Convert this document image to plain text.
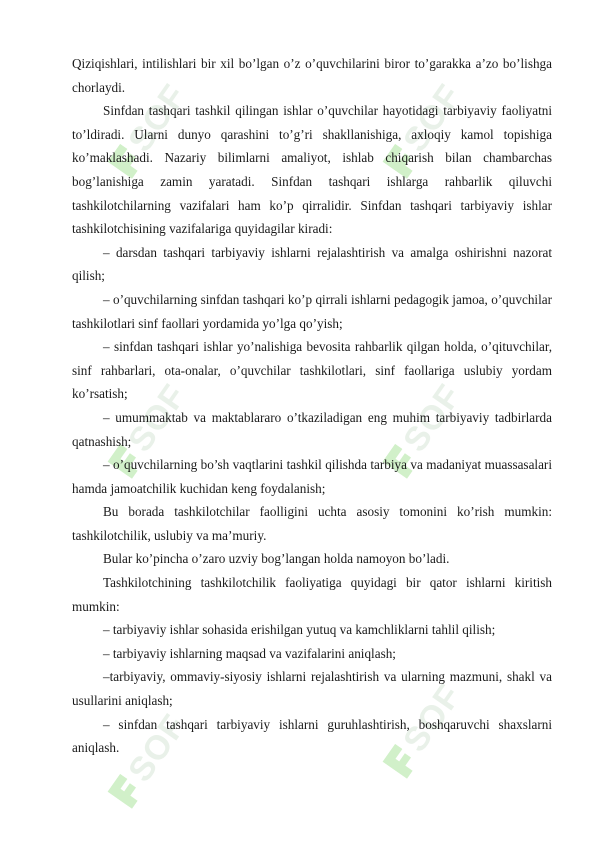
SOF	SOF
SOF	SOF
SOF	SOF

Qiziqishlari, intilishlari bir xil bo’lgan o’z o’quvchilarini biror to’garakka a’zo bo’lishga chorlaydi.

Sinfdan tashqari tashkil qilingan ishlar o’quvchilar hayotidagi tarbiyaviy faoliyatni to’ldiradi. Ularni dunyo qarashini to’g’ri shakllanishiga, axloqiy kamol topishiga ko’maklashadi. Nazariy bilimlarni amaliyot, ishlab chiqarish bilan chambarchas bog’lanishiga zamin yaratadi. Sinfdan tashqari ishlarga rahbarlik qiluvchi tashkilotchilarning vazifalari ham ko’p qirralidir. Sinfdan tashqari tarbiyaviy ishlar tashkilotchisining vazifalariga quyidagilar kiradi:

– darsdan tashqari tarbiyaviy ishlarni rejalashtirish va amalga oshirishni nazorat qilish;

– o’quvchilarning sinfdan tashqari ko’p qirrali ishlarni pedagogik jamoa, o’quvchilar tashkilotlari sinf faollari yordamida yo’lga qo’yish;

– sinfdan tashqari ishlar yo’nalishiga bevosita rahbarlik qilgan holda, o’qituvchilar, sinf rahbarlari, ota-onalar, o’quvchilar tashkilotlari, sinf faollariga uslubiy yordam ko’rsatish;

– umummaktab va maktablararo o’tkaziladigan eng muhim tarbiyaviy tadbirlarda qatnashish;

– o’quvchilarning bo’sh vaqtlarini tashkil qilishda tarbiya va madaniyat muassasalari hamda jamoatchilik kuchidan keng foydalanish;

Bu borada tashkilotchilar faolligini uchta asosiy tomonini ko’rish mumkin: tashkilotchilik, uslubiy va ma’muriy.

Bular ko’pincha o’zaro uzviy bog’langan holda namoyon bo’ladi.

Tashkilotchining tashkilotchilik faoliyatiga quyidagi bir qator ishlarni kiritish mumkin:

– tarbiyaviy ishlar sohasida erishilgan yutuq va kamchliklarni tahlil qilish;

– tarbiyaviy ishlarning maqsad va vazifalarini aniqlash;

–tarbiyaviy, ommaviy-siyosiy ishlarni rejalashtirish va ularning mazmuni, shakl va usullarini aniqlash;

– sinfdan tashqari tarbiyaviy ishlarni guruhlashtirish, boshqaruvchi shaxslarni aniqlash.
